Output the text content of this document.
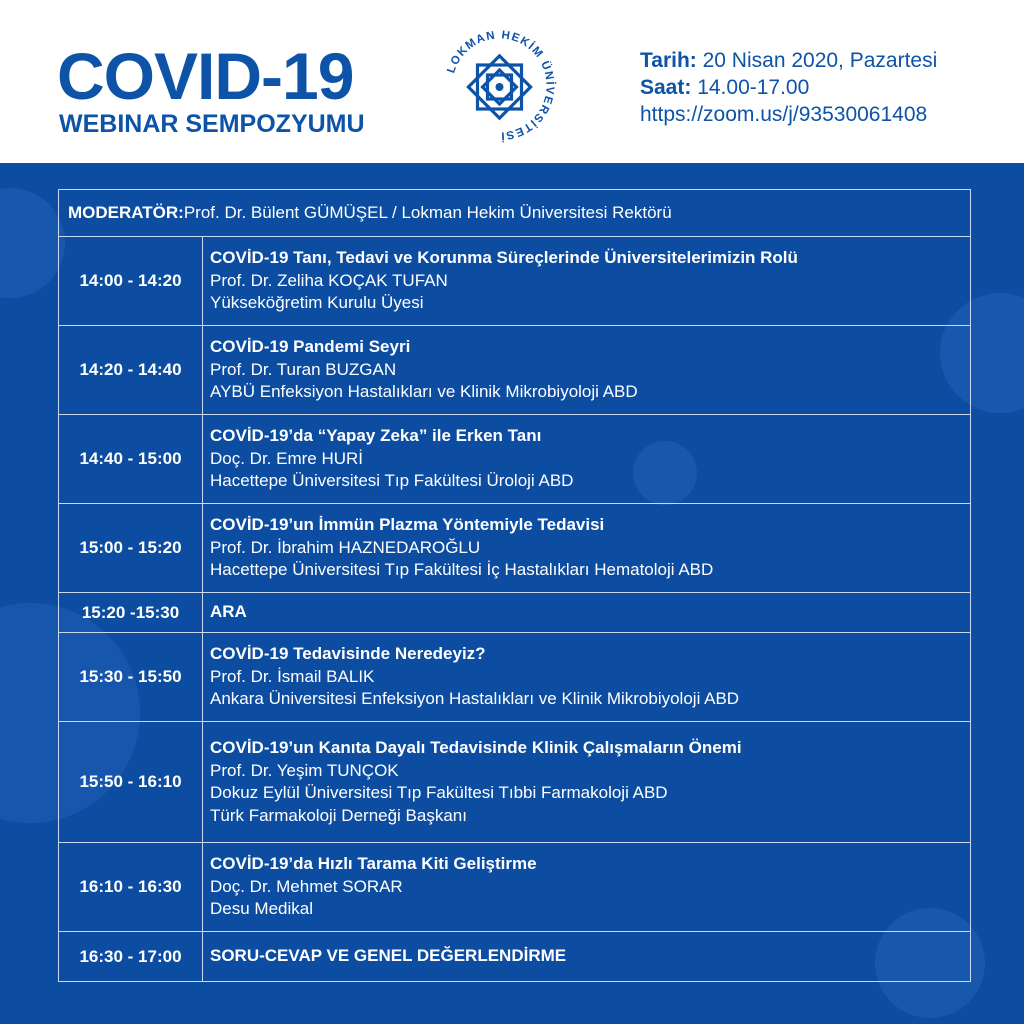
COVID-19
WEBINAR SEMPOZYUMU
LOKMAN HEKİM ÜNİVERSİTESİ
Tarih: 20 Nisan 2020, Pazartesi
Saat: 14.00-17.00
https://zoom.us/j/93530061408
MODERATÖR: Prof. Dr. Bülent GÜMÜŞEL / Lokman Hekim Üniversitesi Rektörü
14:00 - 14:20
COVİD-19 Tanı, Tedavi ve Korunma Süreçlerinde Üniversitelerimizin Rolü
Prof. Dr. Zeliha KOÇAK TUFAN
Yükseköğretim Kurulu Üyesi
14:20 - 14:40
COVİD-19 Pandemi Seyri
Prof. Dr. Turan BUZGAN
AYBÜ Enfeksiyon Hastalıkları ve Klinik Mikrobiyoloji ABD
14:40 - 15:00
COVİD-19’da “Yapay Zeka” ile Erken Tanı
Doç. Dr. Emre HURİ
Hacettepe Üniversitesi Tıp Fakültesi Üroloji ABD
15:00 - 15:20
COVİD-19’un İmmün Plazma Yöntemiyle Tedavisi
Prof. Dr. İbrahim HAZNEDAROĞLU
Hacettepe Üniversitesi Tıp Fakültesi İç Hastalıkları Hematoloji ABD
15:20 -15:30	ARA
15:30 - 15:50
COVİD-19 Tedavisinde Neredeyiz?
Prof. Dr. İsmail BALIK
Ankara Üniversitesi Enfeksiyon Hastalıkları ve Klinik Mikrobiyoloji ABD
15:50 - 16:10
COVİD-19’un Kanıta Dayalı Tedavisinde Klinik Çalışmaların Önemi
Prof. Dr. Yeşim TUNÇOK
Dokuz Eylül Üniversitesi Tıp Fakültesi Tıbbi Farmakoloji ABD
Türk Farmakoloji Derneği Başkanı
16:10 - 16:30
COVİD-19’da Hızlı Tarama Kiti Geliştirme
Doç. Dr. Mehmet SORAR
Desu Medikal
16:30 - 17:00	SORU-CEVAP VE GENEL DEĞERLENDİRME
